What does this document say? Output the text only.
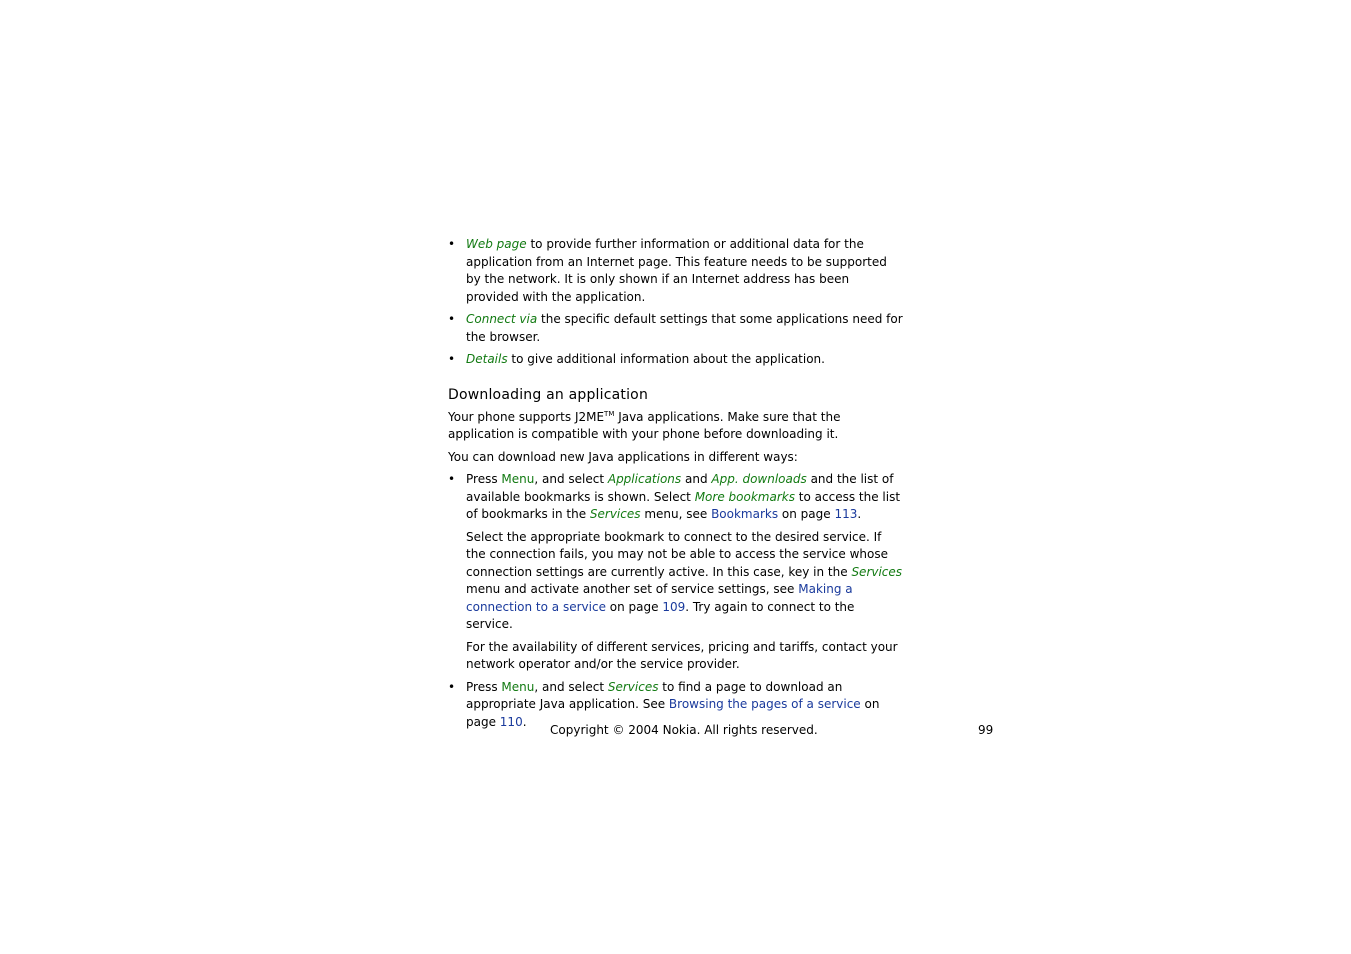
• Web page to provide further information or additional data for the application from an Internet page. This feature needs to be supported by the network. It is only shown if an Internet address has been provided with the application.
• Connect via the specific default settings that some applications need for the browser.
• Details to give additional information about the application.
Downloading an application

Your phone supports J2ME™ Java applications. Make sure that the application is compatible with your phone before downloading it.

You can download new Java applications in different ways:

• Press Menu, and select Applications and App. downloads and the list of available bookmarks is shown. Select More bookmarks to access the list of bookmarks in the Services menu, see Bookmarks on page 113.

Select the appropriate bookmark to connect to the desired service. If the connection fails, you may not be able to access the service whose connection settings are currently active. In this case, key in the Services menu and activate another set of service settings, see Making a connection to a service on page 109. Try again to connect to the service.

For the availability of different services, pricing and tariffs, contact your network operator and/or the service provider.

• Press Menu, and select Services to find a page to download an appropriate Java application. See Browsing the pages of a service on page 110.
Copyright © 2004 Nokia. All rights reserved.	99
